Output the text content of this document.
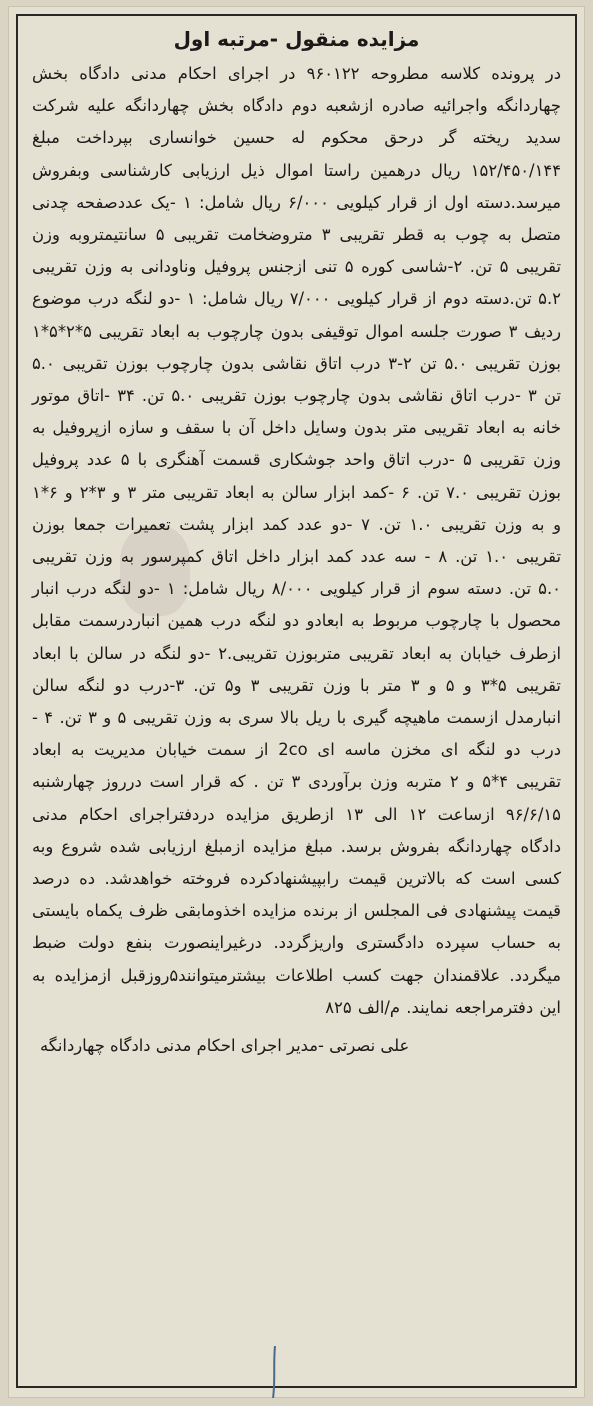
مزایده منقول -مرتبه اول

در پرونده کلاسه مطروحه ۹۶۰۱۲۲ در اجرای احکام مدنی دادگاه بخش چهاردانگه واجرائیه صادره ازشعبه دوم دادگاه بخش چهاردانگه علیه شرکت سدید ریخته گر درحق محکوم له حسین خوانساری بپرداخت مبلغ ۱۵۲/۴۵۰/۱۴۴ ریال درهمین راستا اموال ذیل ارزیابی کارشناسی وبفروش میرسد.دسته اول از قرار کیلویی ۶/۰۰۰ ریال شامل: ۱ -یک عددصفحه چدنی متصل به چوب به قطر تقریبی ۳ متروضخامت تقریبی ۵ سانتیمتروبه وزن تقریبی ۵ تن. ۲-شاسی کوره ۵ تنی ازجنس پروفیل وناودانی به وزن تقریبی ۵.۲ تن.دسته دوم از قرار کیلویی ۷/۰۰۰ ریال شامل: ۱ -دو لنگه درب موضوع ردیف ۳ صورت جلسه اموال توقیفی بدون چارچوب به ابعاد تقریبی ۵*۲*۵*۱ بوزن تقریبی ۵.۰ تن ۲-۳ درب اتاق نقاشی بدون چارچوب بوزن تقریبی ۵.۰ تن ۳ -درب اتاق نقاشی بدون چارچوب بوزن تقریبی ۵.۰ تن. ۳۴ -اتاق موتور خانه به ابعاد تقریبی متر بدون وسایل داخل آن با سقف و سازه ازپروفیل به وزن تقریبی ۵ -درب اتاق واحد جوشکاری قسمت آهنگری با ۵ عدد پروفیل بوزن تقریبی ۷.۰ تن. ۶ -کمد ابزار سالن به ابعاد تقریبی متر ۳ و ۳*۲ و ۶*۱ و به وزن تقریبی ۱.۰ تن. ۷ -دو عدد کمد ابزار پشت تعمیرات جمعا بوزن تقریبی ۱.۰ تن. ۸ - سه عدد کمد ابزار داخل اتاق کمپرسور به وزن تقریبی ۵.۰ تن. دسته سوم از قرار کیلویی ۸/۰۰۰ ریال شامل: ۱ -دو لنگه درب انبار محصول با چارچوب مربوط به ابعادو دو لنگه درب همین انباردرسمت مقابل ازطرف خیابان به ابعاد تقریبی متربوزن تقریبی.۲ -دو لنگه در سالن با ابعاد تقریبی ۵*۳ و ۵ و ۳ متر با وزن تقریبی ۳ و۵ تن. ۳-درب دو لنگه سالن انبارمدل ازسمت ماهیچه گیری با ریل بالا سری به وزن تقریبی ۵ و ۳ تن. ۴ - درب دو لنگه ای مخزن ماسه ای 2co از سمت خیابان مدیریت به ابعاد تقریبی ۴*۵ و ۲ متربه وزن برآوردی ۳ تن . که قرار است درروز چهارشنبه ۹۶/۶/۱۵ ازساعت ۱۲ الی ۱۳ ازطریق مزایده دردفتراجرای احکام مدنی دادگاه چهاردانگه بفروش برسد. مبلغ مزایده ازمبلغ ارزیابی شده شروع وبه کسی است که بالاترین قیمت رابپیشنهادکرده فروخته خواهدشد. ده درصد قیمت پیشنهادی فی المجلس از برنده مزایده اخذومابقی ظرف یکماه بایستی به حساب سپرده دادگستری واریزگردد. درغیراینصورت بنفع دولت ضبط میگردد. علاقمندان جهت کسب اطلاعات بیشترمیتوانند۵روزقبل ازمزایده به این دفترمراجعه نمایند. م/الف ۸۲۵

علی نصرتی -مدیر اجرای احکام مدنی دادگاه چهاردانگه
